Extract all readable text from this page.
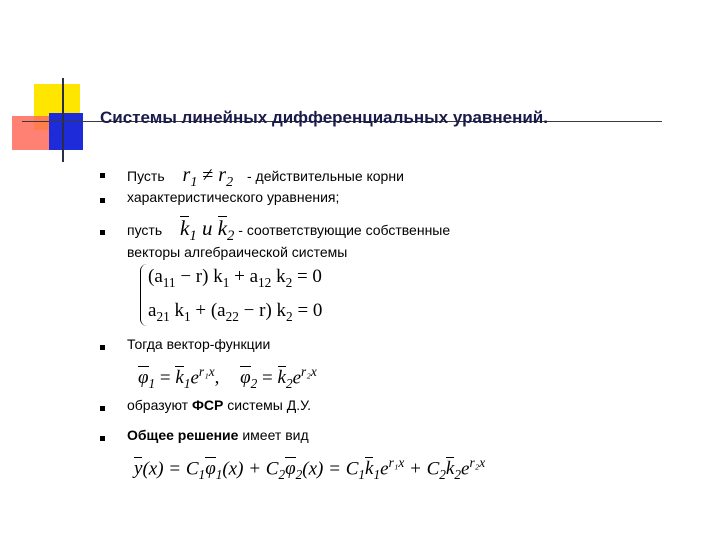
Системы линейных дифференциальных уравнений.
Пусть $r_1 \ne r_2$ - действительные корни
характеристического уравнения;
пусть $k_1$ и $k_2$ - соответствующие собственные
векторы алгебраической системы
$(a_{11} - r) k_1 + a_{12}$ $k_2 = 0$
$a_{21}$ $k_1 + (a_{22} - r) k_2 = 0$
Тогда вектор-функции
$\varphi_1 = k_1e^{r_1x}$, $\varphi_2 = k_2e^{r_2x}$
образуют ФСР системы Д.У.
Общее решение имеет вид
$y(x) = C_1\varphi_1(x) + C_2\varphi_2(x) = C_1k_1e^{r_1x} + C_2k_2e^{r_2x}$
